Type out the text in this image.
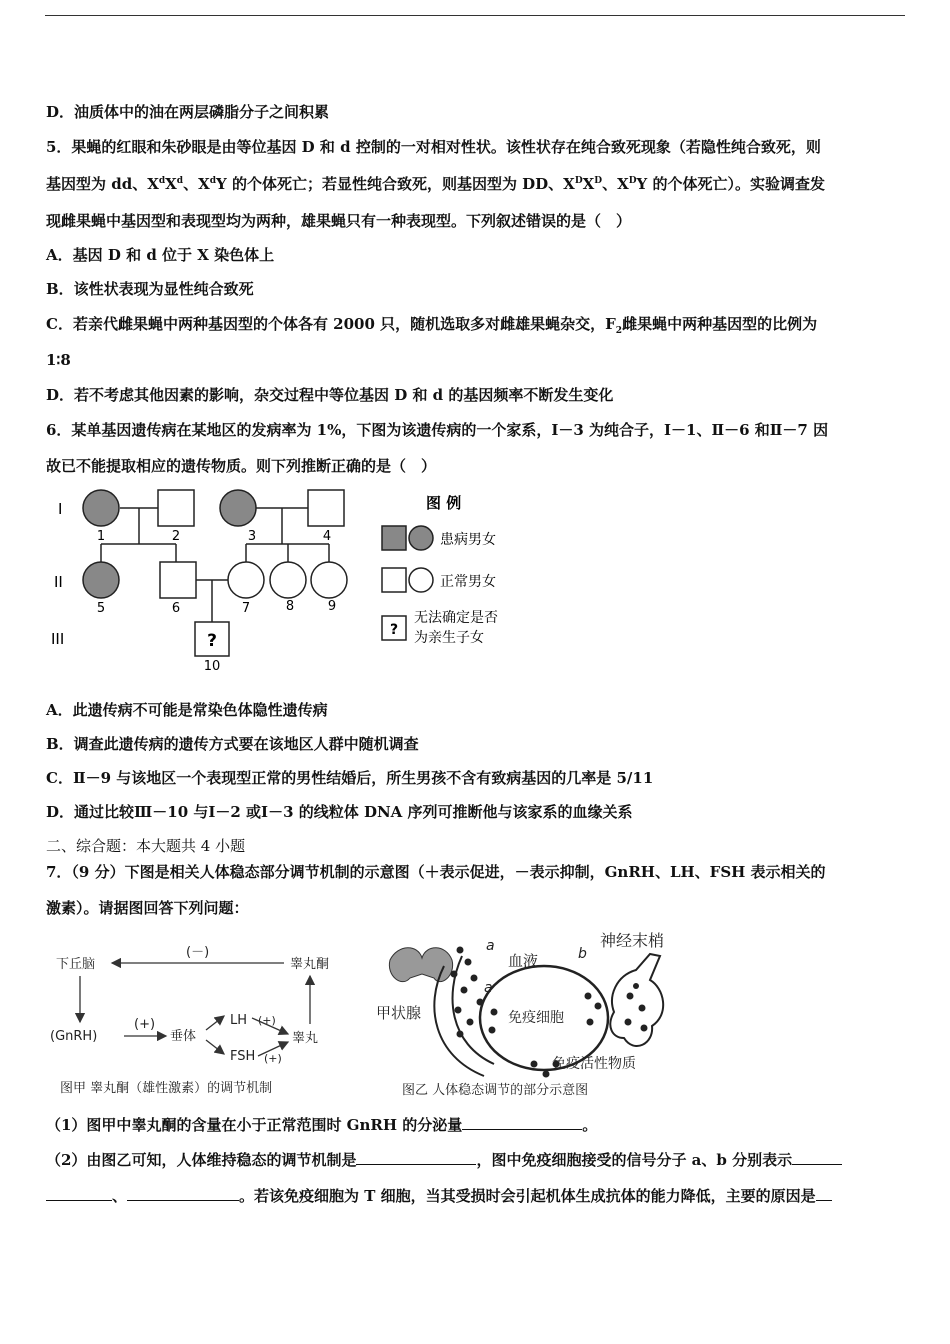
D．油质体中的油在两层磷脂分子之间积累
5．果蝇的红眼和朱砂眼是由等位基因 D 和 d 控制的一对相对性状。该性状存在纯合致死现象（若隐性纯合致死，则
基因型为 dd、$X^dX^d$、$X^dY$ 的个体死亡；若显性纯合致死，则基因型为 DD、$X^DX^D$、$X^DY$ 的个体死亡）。实验调查发
现雌果蝇中基因型和表现型均为两种，雄果蝇只有一种表现型。下列叙述错误的是（　）
A．基因 D 和 d 位于 X 染色体上
B．该性状表现为显性纯合致死
C．若亲代雌果蝇中两种基因型的个体各有 2000 只，随机选取多对雌雄果蝇杂交，$F_2$雌果蝇中两种基因型的比例为
1∶8
D．若不考虑其他因素的影响，杂交过程中等位基因 D 和 d 的基因频率不断发生变化
6．某单基因遗传病在某地区的发病率为 1%，下图为该遗传病的一个家系，Ⅰ－3 为纯合子，Ⅰ－1、Ⅱ－6 和Ⅱ－7 因
故已不能提取相应的遗传物质。则下列推断正确的是（　）
?
I
II
III
1	2	3	4
5	6	7	8	9
10
图 例
患病男女
正常男女
?
无法确定是否
为亲生子女
A．此遗传病不可能是常染色体隐性遗传病
B．调查此遗传病的遗传方式要在该地区人群中随机调查
C．Ⅱ－9 与该地区一个表现型正常的男性结婚后，所生男孩不含有致病基因的几率是 5/11
D．通过比较Ⅲ－10 与Ⅰ－2 或Ⅰ－3 的线粒体 DNA 序列可推断他与该家系的血缘关系
二、综合题：本大题共 4 小题
7．（9 分）下图是相关人体稳态部分调节机制的示意图（＋表示促进，－表示抑制，GnRH、LH、FSH 表示相关的
激素）。请据图回答下列问题：
下丘脑
(－)
睾丸酮
(GnRH)
(+)
垂体
LH (+)
FSH (+)
睾丸
图甲 睾丸酮（雄性激素）的调节机制
甲状腺	免疫细胞
a
a
血液	b
神经末梢
免疫活性物质
图乙 人体稳态调节的部分示意图
（1）图甲中睾丸酮的含量在小于正常范围时 GnRH 的分泌量	。
（2）由图乙可知，人体维持稳态的调节机制是	，图中免疫细胞接受的信号分子 a、b 分别表示
、	。若该免疫细胞为 T 细胞，当其受损时会引起机体生成抗体的能力降低，主要的原因是
